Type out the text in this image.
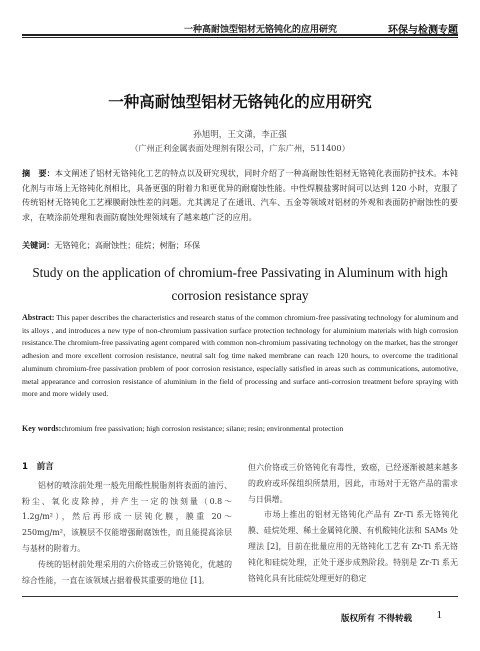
一种高耐蚀型铝材无铬钝化的应用研究	环保与检测专题
一种高耐蚀型铝材无铬钝化的应用研究
孙旭明，王文潇，李正强
（广州正利金属表面处理剂有限公司，广东广州，511400）
摘　要：本文阐述了铝材无铬钝化工艺的特点以及研究现状，同时介绍了一种高耐蚀性铝材无铬钝化表面防护技术。本钝化剂与市场上无铬钝化剂相比，具备更强的附着力和更优异的耐腐蚀性能。中性焊膜盐雾时间可以达到 120 小时，克服了传统铝材无铬钝化工艺裸膜耐蚀性差的问题。尤其满足了在通讯、汽车、五金等领域对铝材的外观和表面防护耐蚀性的要求，在喷涂前处理和表面防腐蚀处理领域有了越来越广泛的应用。
关键词：无铬钝化；高耐蚀性；硅烷；树脂；环保
Study on the application of chromium-free Passivating in Aluminum with high
corrosion resistance spray
Abstract: This paper describes the characteristics and research status of the common chromium-free passivating technology for aluminum and its alloys , and introduces a new type of non-chromium passivation surface protection technology for aluminium materials with high corrosion resistance.The chromium-free passivating agent compared with common non-chromium passivating technology on the market, has the stronger adhesion and more excellent corrosion resistance, neutral salt fog time naked membrane can reach 120 hours, to overcome the traditional aluminum chromium-free passivation problem of poor corrosion resistance, especially satisfied in areas such as communications, automotive, metal appearance and corrosion resistance of aluminium in the field of processing and surface anti-corrosion treatment before spraying with more and more widely used.
Key words:chromium free passivation; high corrosion resistance; silane; resin; environmental protection
1　前言

铝材的喷涂前处理一般先用酸性脱脂剂将表面的油污、粉尘、氧化皮除掉，并产生一定的蚀刻量（0.8～1.2g/m²），然后再形成一层钝化膜，膜重 20～250mg/m²，该膜层不仅能增强耐腐蚀性，而且能提高涂层与基材的附着力。

传统的铝材前处理采用的六价铬或三价铬钝化，优越的综合性能，一直在该领域占据着极其重要的地位 [1]。

但六价铬或三价铬钝化有毒性，致癌，已经逐渐被越来越多的政府或环保组织所禁用，因此，市场对于无铬产品的需求与日俱增。

市场上推出的铝材无铬钝化产品有 Zr-Ti 系无铬钝化膜、硅烷处理、稀土金属钝化膜、有机酸钝化法和 SAMs 处理法 [2]，目前在批量应用的无铬钝化工艺有 Zr-Ti 系无铬钝化和硅烷处理，正处于逐步成熟阶段。特别是 Zr-Ti 系无铬钝化具有比硅烷处理更好的稳定

版权所有 不得转载 1
